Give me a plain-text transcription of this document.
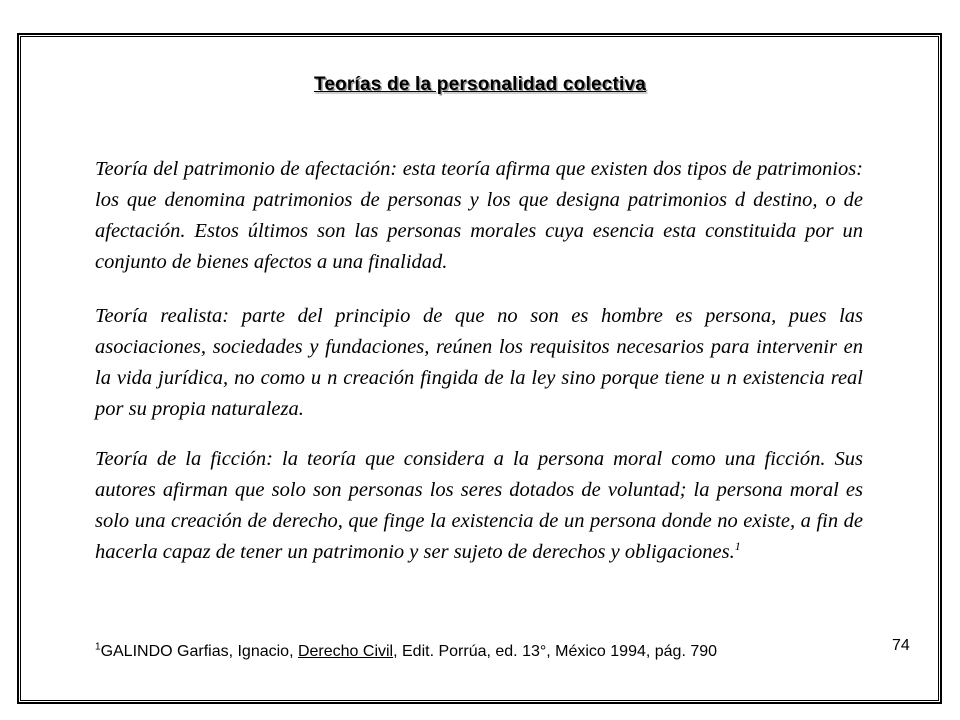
Teorías de la personalidad colectiva
Teoría del patrimonio de afectación: esta teoría afirma que existen dos tipos de patrimonios: los que denomina patrimonios de personas y los que designa patrimonios d destino, o de afectación. Estos últimos son las personas morales cuya esencia esta constituida por un conjunto de bienes afectos a una finalidad.
Teoría realista: parte del principio de que no son es hombre es persona, pues las asociaciones, sociedades y fundaciones, reúnen los requisitos necesarios para intervenir en la vida jurídica, no como u n creación fingida de la ley sino porque tiene u n existencia real por su propia naturaleza.
Teoría de la ficción: la teoría que considera a la persona moral como una ficción. Sus autores afirman que solo son personas los seres dotados de voluntad; la persona moral es solo una creación de derecho, que finge la existencia de un persona donde no existe, a fin de hacerla capaz de tener un patrimonio y ser sujeto de derechos y obligaciones.$^1$
$^1$GALINDO Garfias, Ignacio, Derecho Civil, Edit. Porrúa, ed. 13°, México 1994, pág. 790	74
